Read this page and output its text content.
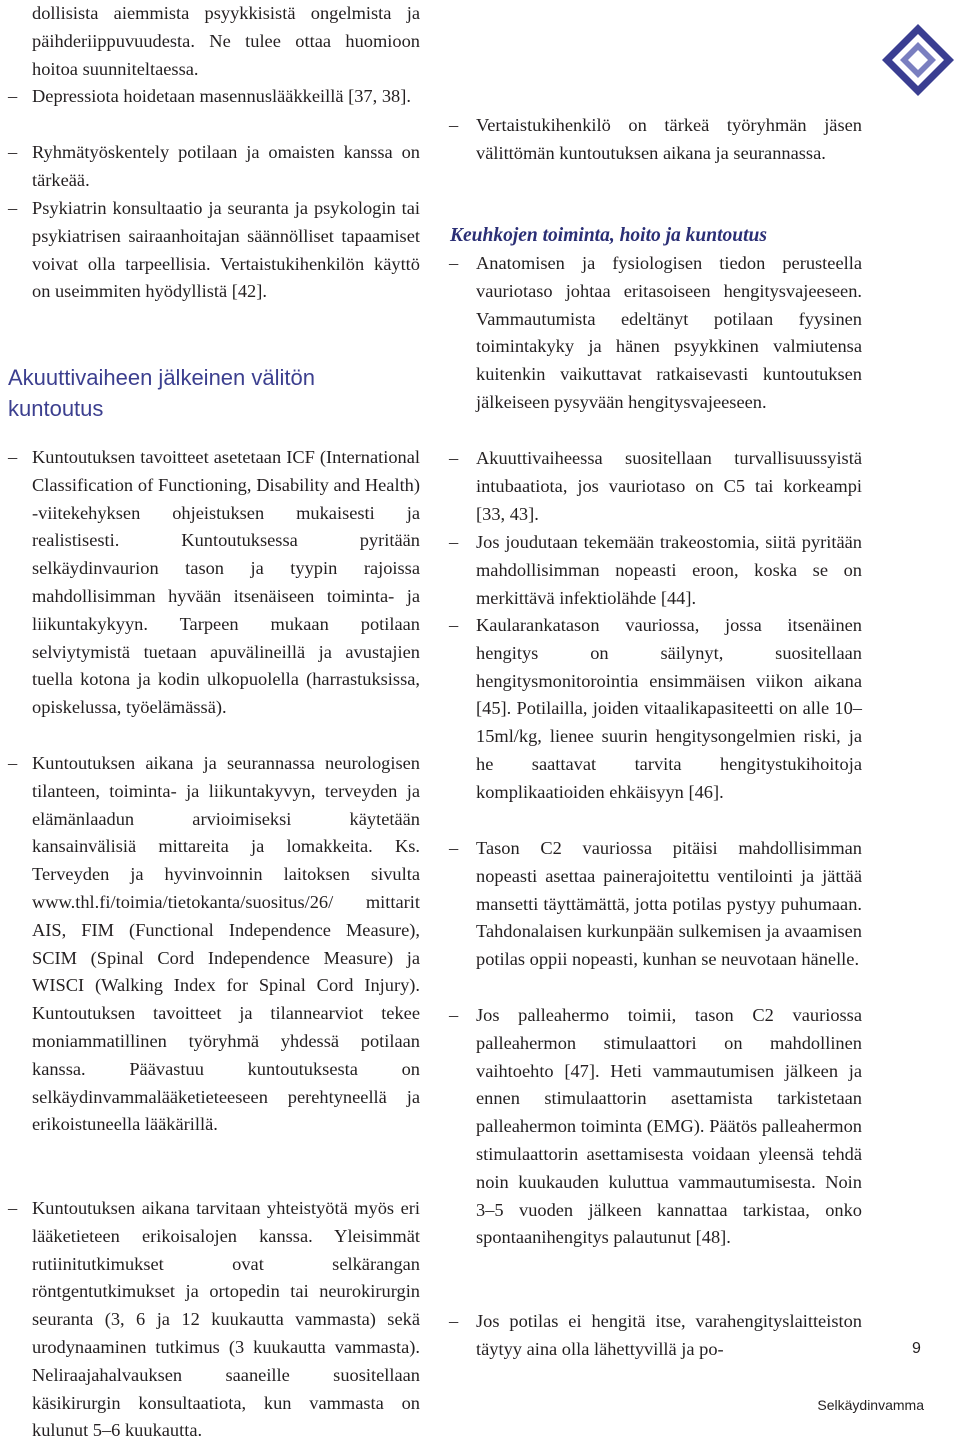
dollisista aiemmista psyykkisistä ongelmista ja päihderiippuvuudesta. Ne tulee ottaa huomioon hoitoa suunniteltaessa.

– Depressiota hoidetaan masennuslääkkeillä [37, 38].
– Ryhmätyöskentely potilaan ja omaisten kanssa on tärkeää.
– Psykiatrin konsultaatio ja seuranta ja psykologin tai psykiatrisen sairaanhoitajan säännölliset tapaamiset voivat olla tarpeellisia. Vertaistukihenkilön käyttö on useimmiten hyödyllistä [42].
Akuuttivaiheen jälkeinen välitön kuntoutus
– Kuntoutuksen tavoitteet asetetaan ICF (International Classification of Functioning, Disability and Health) -viitekehyksen ohjeistuksen mukaisesti ja realistisesti. Kuntoutuksessa pyritään selkäydinvaurion tason ja tyypin rajoissa mahdollisimman hyvään itsenäiseen toiminta- ja liikuntakykyyn. Tarpeen mukaan potilaan selviytymistä tuetaan apuvälineillä ja avustajien tuella kotona ja kodin ulkopuolella (harrastuksissa, opiskelussa, työelämässä).
– Kuntoutuksen aikana ja seurannassa neurologisen tilanteen, toiminta- ja liikuntakyvyn, terveyden ja elämänlaadun arvioimiseksi käytetään kansainvälisiä mittareita ja lomakkeita. Ks. Terveyden ja hyvinvoinnin laitoksen sivulta www.thl.fi/toimia/tietokanta/suositus/26/ mittarit AIS, FIM (Functional Independence Measure), SCIM (Spinal Cord Independence Measure) ja WISCI (Walking Index for Spinal Cord Injury). Kuntoutuksen tavoitteet ja tilannearviot tekee moniammatillinen työryhmä yhdessä potilaan kanssa. Päävastuu kuntoutuksesta on selkäydinvammalääketieteeseen perehtyneellä ja erikoistuneella lääkärillä.
– Kuntoutuksen aikana tarvitaan yhteistyötä myös eri lääketieteen erikoisalojen kanssa. Yleisimmät rutiinitutkimukset ovat selkärangan röntgentutkimukset ja ortopedin tai neurokirurgin seuranta (3, 6 ja 12 kuukautta vammasta) sekä urodynaaminen tutkimus (3 kuukautta vammasta). Neliraajahalvauksen saaneille suositellaan käsikirurgin konsultaatiota, kun vammasta on kulunut 5–6 kuukautta.
– Vertaistukihenkilö on tärkeä työryhmän jäsen välittömän kuntoutuksen aikana ja seurannassa.
Keuhkojen toiminta, hoito ja kuntoutus
– Anatomisen ja fysiologisen tiedon perusteella vauriotaso johtaa eritasoiseen hengitysvajeeseen. Vammautumista edeltänyt potilaan fyysinen toimintakyky ja hänen psyykkinen valmiutensa kuitenkin vaikuttavat ratkaisevasti kuntoutuksen jälkeiseen pysyvään hengitysvajeeseen.
– Akuuttivaiheessa suositellaan turvallisuussyistä intubaatiota, jos vauriotaso on C5 tai korkeampi [33, 43].
– Jos joudutaan tekemään trakeostomia, siitä pyritään mahdollisimman nopeasti eroon, koska se on merkittävä infektiolähde [44].
– Kaularankatason vauriossa, jossa itsenäinen hengitys on säilynyt, suositellaan hengitysmonitorointia ensimmäisen viikon aikana [45]. Potilailla, joiden vitaalikapasiteetti on alle 10–15ml/kg, lienee suurin hengitysongelmien riski, ja he saattavat tarvita hengitystukihoitoja komplikaatioiden ehkäisyyn [46].
– Tason C2 vauriossa pitäisi mahdollisimman nopeasti asettaa painerajoitettu ventilointi ja jättää mansetti täyttämättä, jotta potilas pystyy puhumaan. Tahdonalaisen kurkunpään sulkemisen ja avaamisen potilas oppii nopeasti, kunhan se neuvotaan hänelle.
– Jos palleahermo toimii, tason C2 vauriossa palleahermon stimulaattori on mahdollinen vaihtoehto [47]. Heti vammautumisen jälkeen ja ennen stimulaattorin asettamista tarkistetaan palleahermon toiminta (EMG). Päätös palleahermon stimulaattorin asettamisesta voidaan yleensä tehdä noin kuukauden kuluttua vammautumisesta. Noin 3–5 vuoden jälkeen kannattaa tarkistaa, onko spontaanihengitys palautunut [48].
– Jos potilas ei hengitä itse, varahengityslaitteiston täytyy aina olla lähettyvillä ja po-	9
Selkäydinvamma
